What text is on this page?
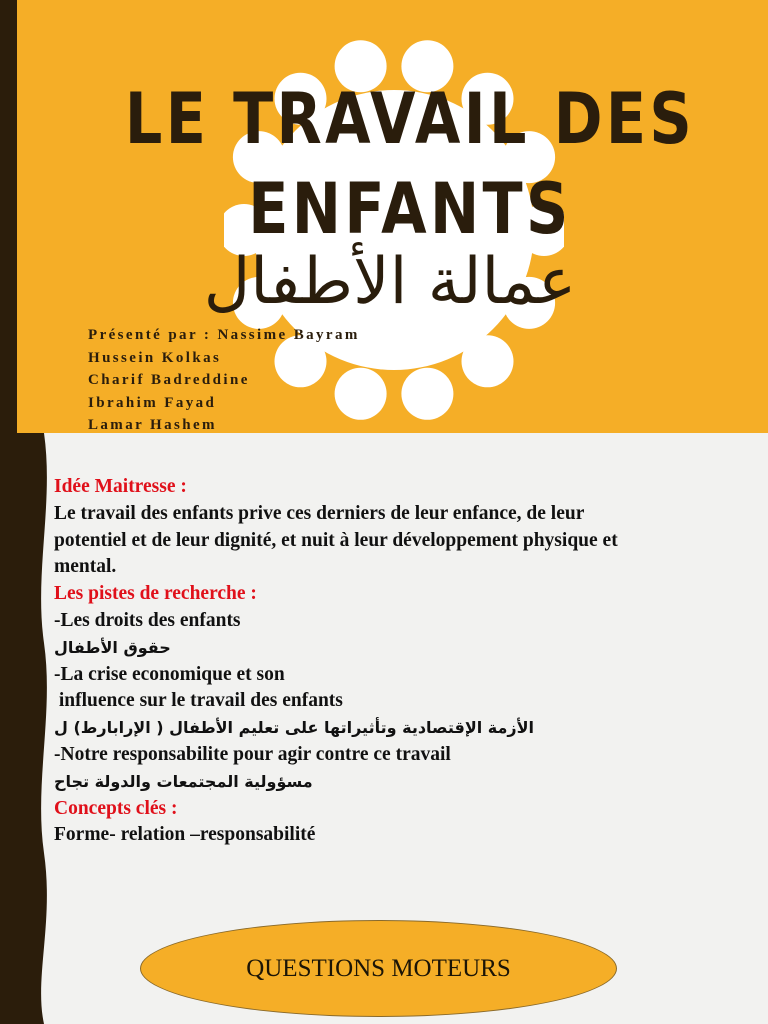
LE TRAVAIL DES
ENFANTS
عمالة الأطفال
Présenté par : Nassime Bayram
Hussein Kolkas
Charif Badreddine
Ibrahim Fayad
Lamar Hashem
Idée Maitresse :
Le travail des enfants prive ces derniers de leur enfance, de leur
potentiel et de leur dignité, et nuit à leur développement physique et
mental.
Les pistes de recherche :
-Les droits des enfants
حقوق الأطفال
-La crise economique et son
influence sur le travail des enfants
الأزمة الإقتصادية وتأثيراتها على تعليم الأطفال ( الإرابارط) ل
-Notre responsabilite pour agir contre ce travail
مسؤولية المجتمعات والدولة تجاح
Concepts clés :
Forme- relation –responsabilité
QUESTIONS MOTEURS
